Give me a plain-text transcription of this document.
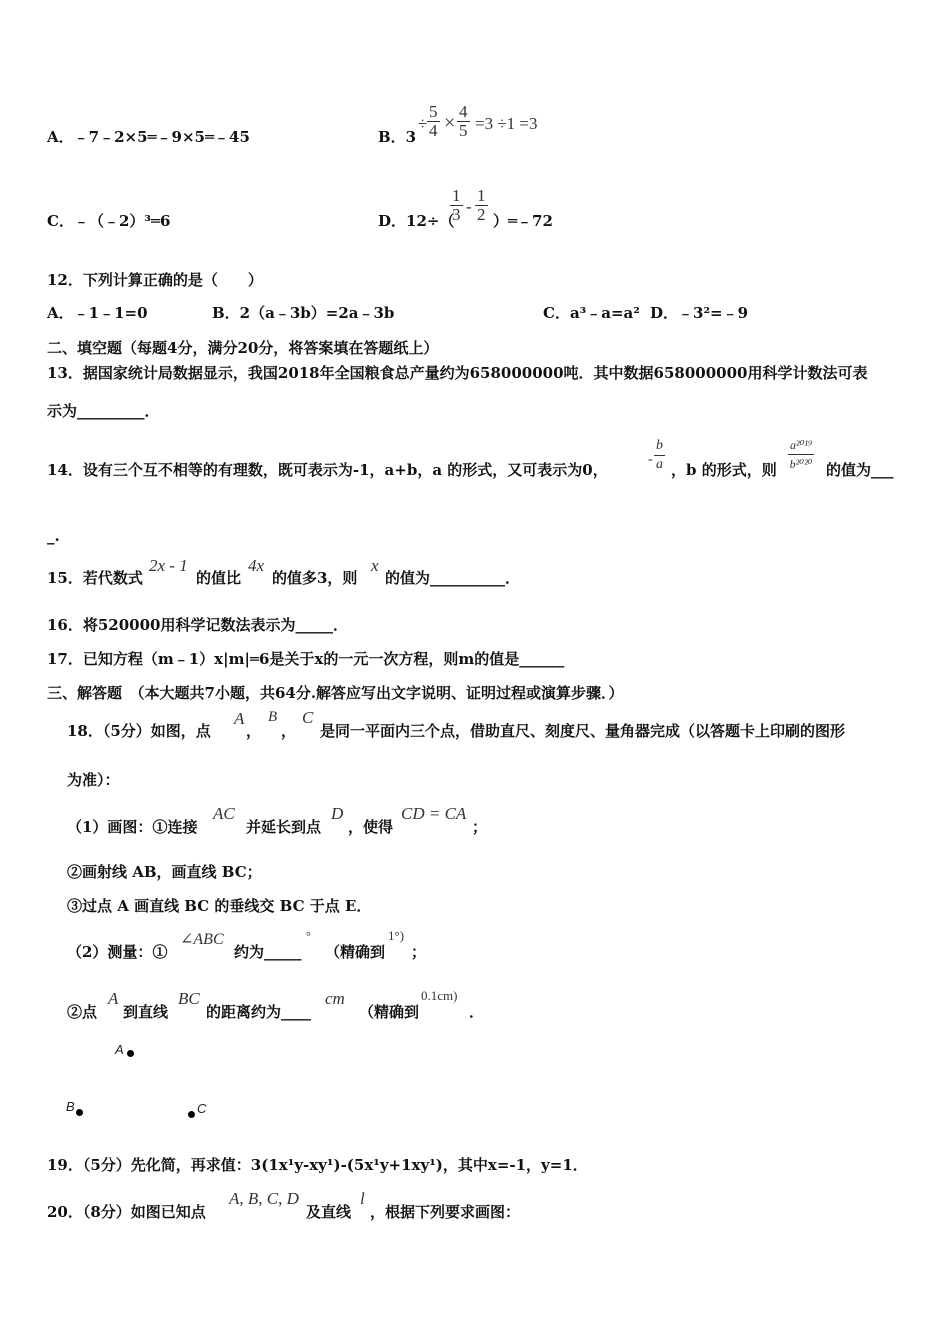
A．﹣7﹣2×5═﹣9×5═﹣45	B．3
÷ $\frac{5}{4} \times \frac{4}{5} =3 \div 1 =3$
C．﹣（﹣2）³═6	D．12÷（
$\frac{1}{3} - \frac{1}{2}$ ）═﹣72
12．下列计算正确的是（　　）
A．﹣1﹣1=0	B．2（a﹣3b）=2a﹣3b	C．a³﹣a=a² D．﹣3²=﹣9
二、填空题（每题4分，满分20分，将答案填在答题纸上）
13．据国家统计局数据显示，我国2018年全国粮食总产量约为658000000吨．其中数据658000000用科学计数法可表
示为_________．
14．设有三个互不相等的有理数，既可表示为-1，a+b，a 的形式，又可表示为0，
- $\frac{b}{a}$ ，b 的形式，则 $\frac{\text{a²⁰¹⁹}}{\text{b²⁰²⁰}}$ 的值为___
_.
15．若代数式
2x - 1
的值比
4x
的值多3，则
x
的值为__________．
16．将520000用科学记数法表示为_____．
17．已知方程（m﹣1）x|m|═6是关于x的一元一次方程，则m的值是______
三、解答题　（本大题共7小题，共64分.解答应写出文字说明、证明过程或演算步骤．）
18．（5分）如图，点
A
，
B
，
C
是同一平面内三个点，借助直尺、刻度尺、量角器完成（以答题卡上印刷的图形
为准）：
（1）画图：①连接
AC
并延长到点
D
，使得
CD = CA
；
②画射线 AB，画直线 BC；
③过点 A 画直线 BC 的垂线交 BC 于点 E．
（2）测量：①
∠ABC
约为_____
°
（精确到
1°)
；
②点
A
到直线
BC
的距离约为____
cm
（精确到
0.1cm)
．
A
B	C
19．（5分）先化简，再求值：3(1x¹y-xy¹)-(5x¹y+1xy¹)，其中x=-1，y=1．
20．（8分）如图已知点
A, B, C, D
及直线
l
，根据下列要求画图：
